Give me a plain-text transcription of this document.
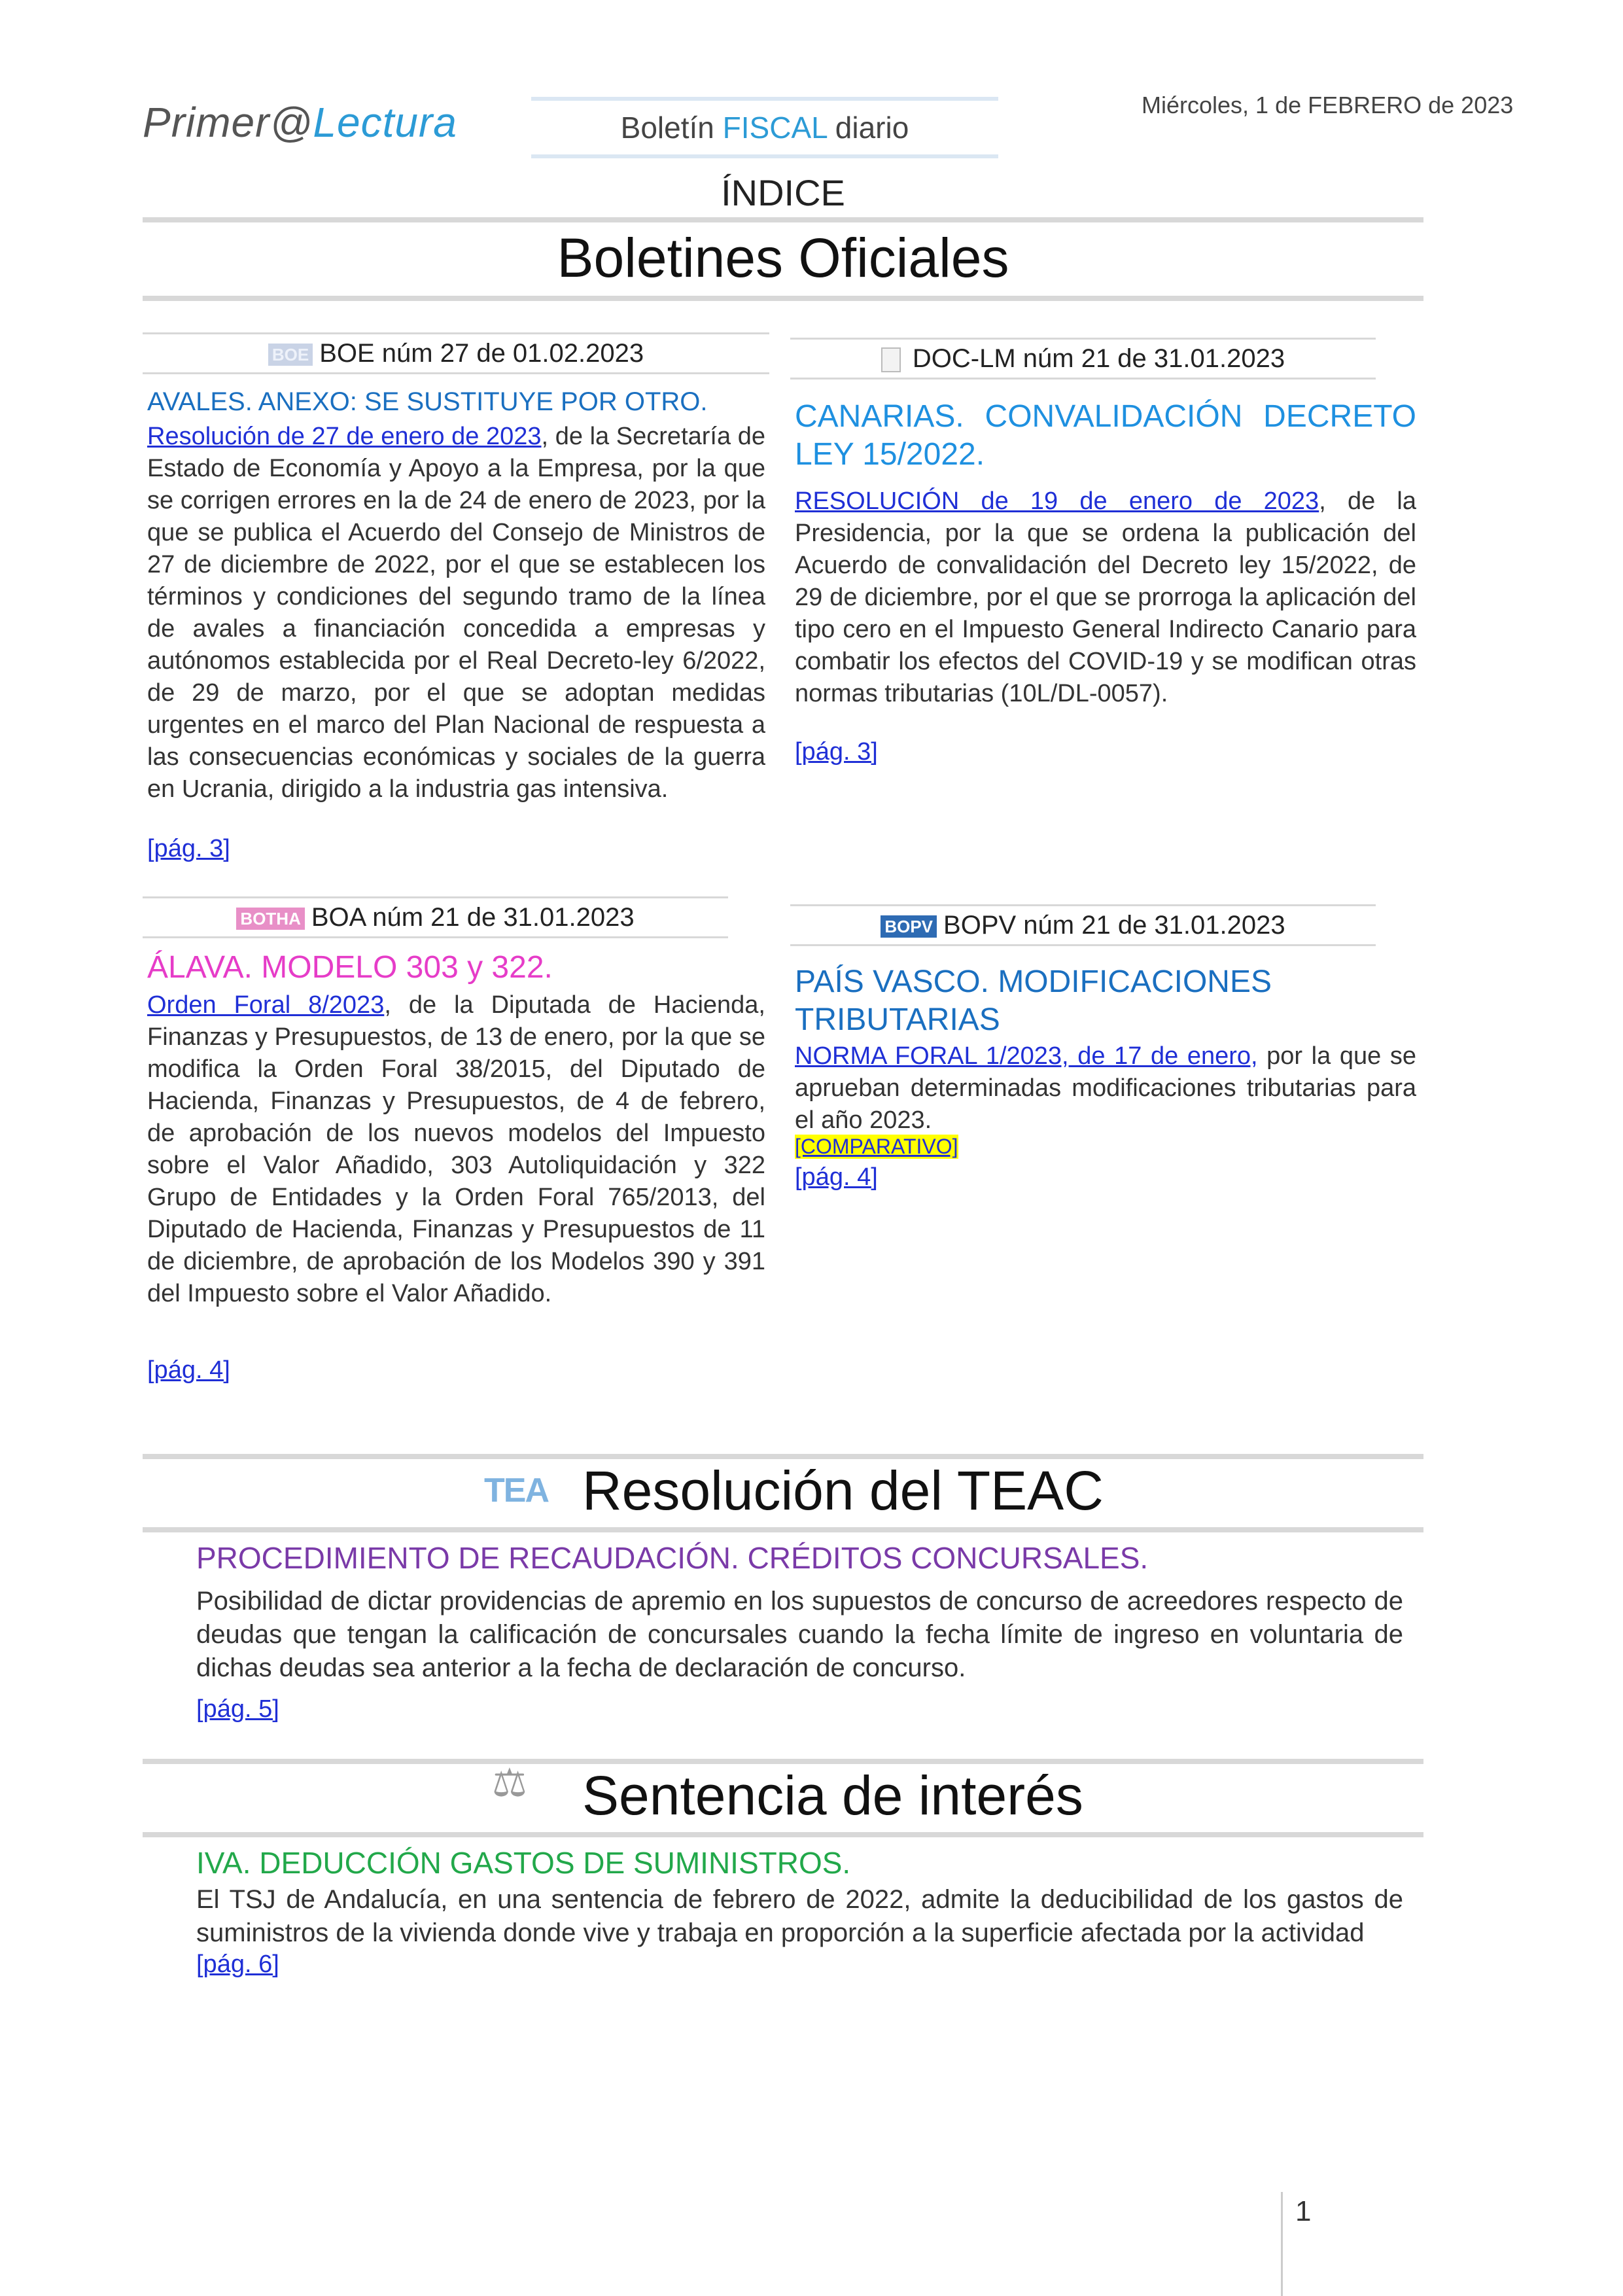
Primer@Lectura	Boletín FISCAL diario
Miércoles, 1 de FEBRERO de 2023
ÍNDICE
Boletines Oficiales
BOE BOE núm 27 de 01.02.2023
AVALES. ANEXO: SE SUSTITUYE POR OTRO.
Resolución de 27 de enero de 2023, de la Secretaría de Estado de Economía y Apoyo a la Empresa, por la que se corrigen errores en la de 24 de enero de 2023, por la que se publica el Acuerdo del Consejo de Ministros de 27 de diciembre de 2022, por el que se establecen los términos y condiciones del segundo tramo de la línea de avales a financiación concedida a empresas y autónomos establecida por el Real Decreto-ley 6/2022, de 29 de marzo, por el que se adoptan medidas urgentes en el marco del Plan Nacional de respuesta a las consecuencias económicas y sociales de la guerra en Ucrania, dirigido a la industria gas intensiva.
[pág. 3]
DOC-LM núm 21 de 31.01.2023
CANARIAS. CONVALIDACIÓN DECRETO LEY 15/2022.
RESOLUCIÓN de 19 de enero de 2023, de la Presidencia, por la que se ordena la publicación del Acuerdo de convalidación del Decreto ley 15/2022, de 29 de diciembre, por el que se prorroga la aplicación del tipo cero en el Impuesto General Indirecto Canario para combatir los efectos del COVID-19 y se modifican otras normas tributarias (10L/DL-0057).
[pág. 3]
BOTHA BOA núm 21 de 31.01.2023
ÁLAVA. MODELO 303 y 322.
Orden Foral 8/2023, de la Diputada de Hacienda, Finanzas y Presupuestos, de 13 de enero, por la que se modifica la Orden Foral 38/2015, del Diputado de Hacienda, Finanzas y Presupuestos, de 4 de febrero, de aprobación de los nuevos modelos del Impuesto sobre el Valor Añadido, 303 Autoliquidación y 322 Grupo de Entidades y la Orden Foral 765/2013, del Diputado de Hacienda, Finanzas y Presupuestos de 11 de diciembre, de aprobación de los Modelos 390 y 391 del Impuesto sobre el Valor Añadido.
[pág. 4]
BOPV BOPV núm 21 de 31.01.2023
PAÍS VASCO. MODIFICACIONES TRIBUTARIAS
NORMA FORAL 1/2023, de 17 de enero, por la que se aprueban determinadas modificaciones tributarias para el año 2023.
[COMPARATIVO]
[pág. 4]
TEA Resolución del TEAC
PROCEDIMIENTO DE RECAUDACIÓN. CRÉDITOS CONCURSALES.
Posibilidad de dictar providencias de apremio en los supuestos de concurso de acreedores respecto de deudas que tengan la calificación de concursales cuando la fecha límite de ingreso en voluntaria de dichas deudas sea anterior a la fecha de declaración de concurso.
[pág. 5]
⚖ Sentencia de interés
IVA. DEDUCCIÓN GASTOS DE SUMINISTROS.
El TSJ de Andalucía, en una sentencia de febrero de 2022, admite la deducibilidad de los gastos de suministros de la vivienda donde vive y trabaja en proporción a la superficie afectada por la actividad
[pág. 6]
1
